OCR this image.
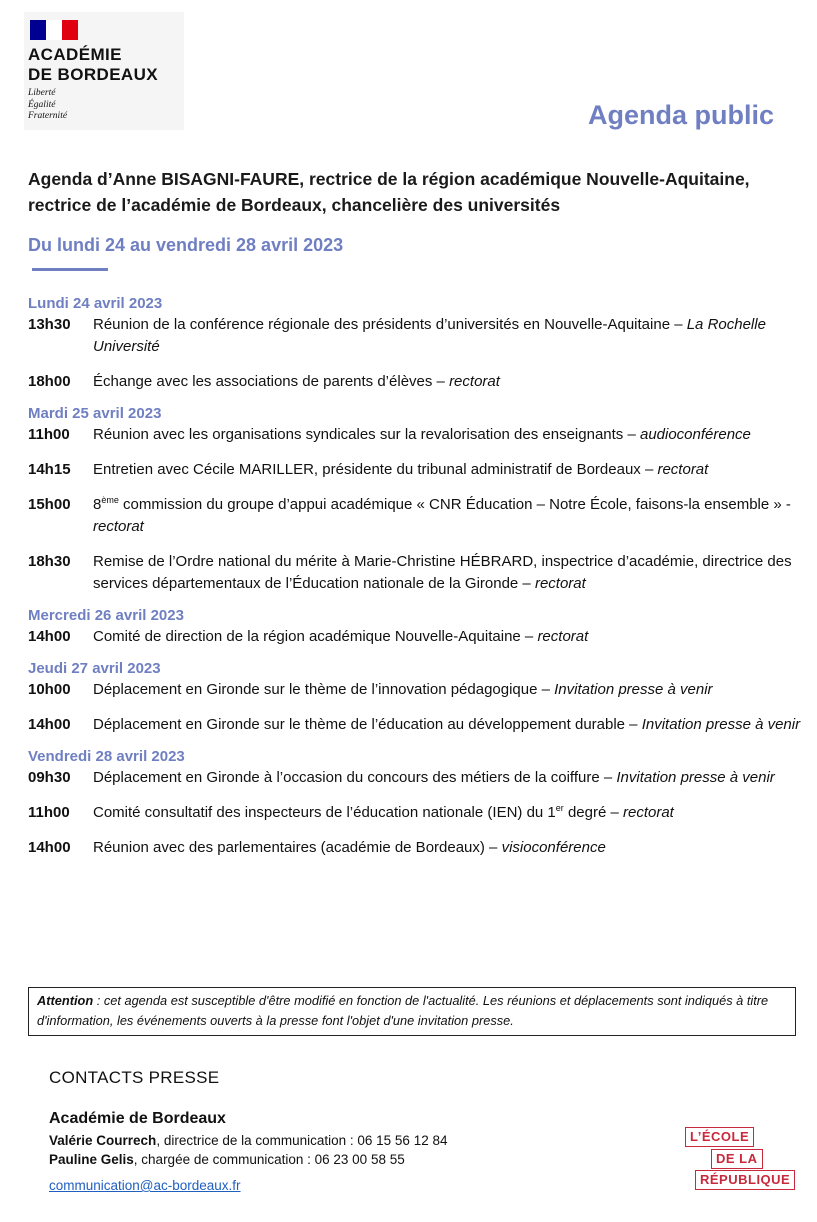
ACADÉMIE
DE BORDEAUX
Liberté
Égalité
Fraternité	Agenda public
Agenda d’Anne BISAGNI-FAURE, rectrice de la région académique Nouvelle-Aquitaine, rectrice de l’académie de Bordeaux, chancelière des universités
Du lundi 24 au vendredi 28 avril 2023
Lundi 24 avril 2023
13h30	Réunion de la conférence régionale des présidents d’universités en Nouvelle-Aquitaine – La Rochelle Université
18h00	Échange avec les associations de parents d’élèves – rectorat
Mardi 25 avril 2023
11h00	Réunion avec les organisations syndicales sur la revalorisation des enseignants – audioconférence
14h15	Entretien avec Cécile MARILLER, présidente du tribunal administratif de Bordeaux – rectorat
15h00	8ème commission du groupe d’appui académique « CNR Éducation – Notre École, faisons-la ensemble » - rectorat
18h30	Remise de l’Ordre national du mérite à Marie-Christine HÉBRARD, inspectrice d’académie, directrice des services départementaux de l’Éducation nationale de la Gironde – rectorat
Mercredi 26 avril 2023
14h00	Comité de direction de la région académique Nouvelle-Aquitaine – rectorat
Jeudi 27 avril 2023
10h00	Déplacement en Gironde sur le thème de l’innovation pédagogique – Invitation presse à venir
14h00	Déplacement en Gironde sur le thème de l’éducation au développement durable – Invitation presse à venir
Vendredi 28 avril 2023
09h30	Déplacement en Gironde à l’occasion du concours des métiers de la coiffure – Invitation presse à venir
11h00	Comité consultatif des inspecteurs de l’éducation nationale (IEN) du 1er degré – rectorat
14h00	Réunion avec des parlementaires (académie de Bordeaux) – visioconférence
Attention : cet agenda est susceptible d'être modifié en fonction de l'actualité. Les réunions et déplacements sont indiqués à titre d'information, les événements ouverts à la presse font l'objet d'une invitation presse.
CONTACTS PRESSE
Académie de Bordeaux
Valérie Courrech, directrice de la communication : 06 15 56 12 84
Pauline Gelis, chargée de communication : 06 23 00 58 55
communication@ac-bordeaux.fr
L’ÉCOLE
DE LA
RÉPUBLIQUE
